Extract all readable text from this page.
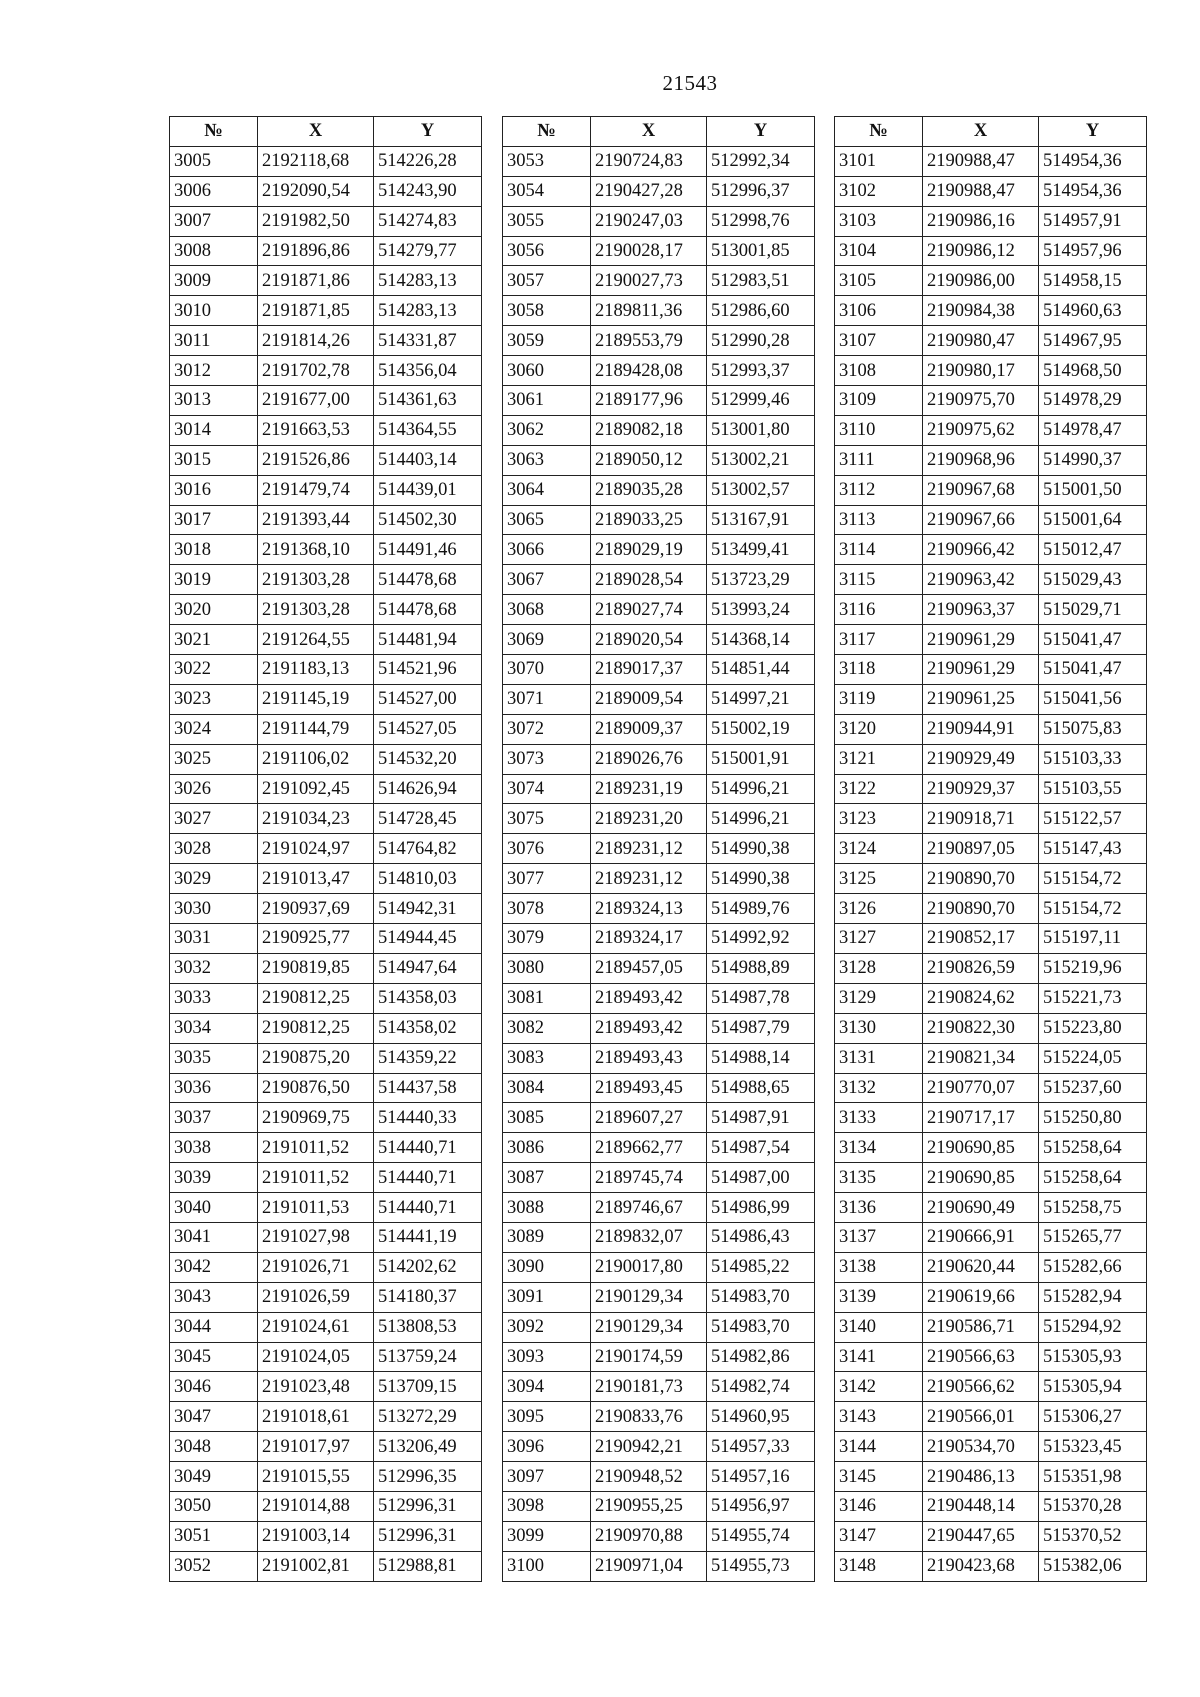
21543
№	X	Y
3005	2192118,68	514226,28
3006	2192090,54	514243,90
3007	2191982,50	514274,83
3008	2191896,86	514279,77
3009	2191871,86	514283,13
3010	2191871,85	514283,13
3011	2191814,26	514331,87
3012	2191702,78	514356,04
3013	2191677,00	514361,63
3014	2191663,53	514364,55
3015	2191526,86	514403,14
3016	2191479,74	514439,01
3017	2191393,44	514502,30
3018	2191368,10	514491,46
3019	2191303,28	514478,68
3020	2191303,28	514478,68
3021	2191264,55	514481,94
3022	2191183,13	514521,96
3023	2191145,19	514527,00
3024	2191144,79	514527,05
3025	2191106,02	514532,20
3026	2191092,45	514626,94
3027	2191034,23	514728,45
3028	2191024,97	514764,82
3029	2191013,47	514810,03
3030	2190937,69	514942,31
3031	2190925,77	514944,45
3032	2190819,85	514947,64
3033	2190812,25	514358,03
3034	2190812,25	514358,02
3035	2190875,20	514359,22
3036	2190876,50	514437,58
3037	2190969,75	514440,33
3038	2191011,52	514440,71
3039	2191011,52	514440,71
3040	2191011,53	514440,71
3041	2191027,98	514441,19
3042	2191026,71	514202,62
3043	2191026,59	514180,37
3044	2191024,61	513808,53
3045	2191024,05	513759,24
3046	2191023,48	513709,15
3047	2191018,61	513272,29
3048	2191017,97	513206,49
3049	2191015,55	512996,35
3050	2191014,88	512996,31
3051	2191003,14	512996,31
3052	2191002,81	512988,81
№	X	Y
3053	2190724,83	512992,34
3054	2190427,28	512996,37
3055	2190247,03	512998,76
3056	2190028,17	513001,85
3057	2190027,73	512983,51
3058	2189811,36	512986,60
3059	2189553,79	512990,28
3060	2189428,08	512993,37
3061	2189177,96	512999,46
3062	2189082,18	513001,80
3063	2189050,12	513002,21
3064	2189035,28	513002,57
3065	2189033,25	513167,91
3066	2189029,19	513499,41
3067	2189028,54	513723,29
3068	2189027,74	513993,24
3069	2189020,54	514368,14
3070	2189017,37	514851,44
3071	2189009,54	514997,21
3072	2189009,37	515002,19
3073	2189026,76	515001,91
3074	2189231,19	514996,21
3075	2189231,20	514996,21
3076	2189231,12	514990,38
3077	2189231,12	514990,38
3078	2189324,13	514989,76
3079	2189324,17	514992,92
3080	2189457,05	514988,89
3081	2189493,42	514987,78
3082	2189493,42	514987,79
3083	2189493,43	514988,14
3084	2189493,45	514988,65
3085	2189607,27	514987,91
3086	2189662,77	514987,54
3087	2189745,74	514987,00
3088	2189746,67	514986,99
3089	2189832,07	514986,43
3090	2190017,80	514985,22
3091	2190129,34	514983,70
3092	2190129,34	514983,70
3093	2190174,59	514982,86
3094	2190181,73	514982,74
3095	2190833,76	514960,95
3096	2190942,21	514957,33
3097	2190948,52	514957,16
3098	2190955,25	514956,97
3099	2190970,88	514955,74
3100	2190971,04	514955,73
№	X	Y
3101	2190988,47	514954,36
3102	2190988,47	514954,36
3103	2190986,16	514957,91
3104	2190986,12	514957,96
3105	2190986,00	514958,15
3106	2190984,38	514960,63
3107	2190980,47	514967,95
3108	2190980,17	514968,50
3109	2190975,70	514978,29
3110	2190975,62	514978,47
3111	2190968,96	514990,37
3112	2190967,68	515001,50
3113	2190967,66	515001,64
3114	2190966,42	515012,47
3115	2190963,42	515029,43
3116	2190963,37	515029,71
3117	2190961,29	515041,47
3118	2190961,29	515041,47
3119	2190961,25	515041,56
3120	2190944,91	515075,83
3121	2190929,49	515103,33
3122	2190929,37	515103,55
3123	2190918,71	515122,57
3124	2190897,05	515147,43
3125	2190890,70	515154,72
3126	2190890,70	515154,72
3127	2190852,17	515197,11
3128	2190826,59	515219,96
3129	2190824,62	515221,73
3130	2190822,30	515223,80
3131	2190821,34	515224,05
3132	2190770,07	515237,60
3133	2190717,17	515250,80
3134	2190690,85	515258,64
3135	2190690,85	515258,64
3136	2190690,49	515258,75
3137	2190666,91	515265,77
3138	2190620,44	515282,66
3139	2190619,66	515282,94
3140	2190586,71	515294,92
3141	2190566,63	515305,93
3142	2190566,62	515305,94
3143	2190566,01	515306,27
3144	2190534,70	515323,45
3145	2190486,13	515351,98
3146	2190448,14	515370,28
3147	2190447,65	515370,52
3148	2190423,68	515382,06
